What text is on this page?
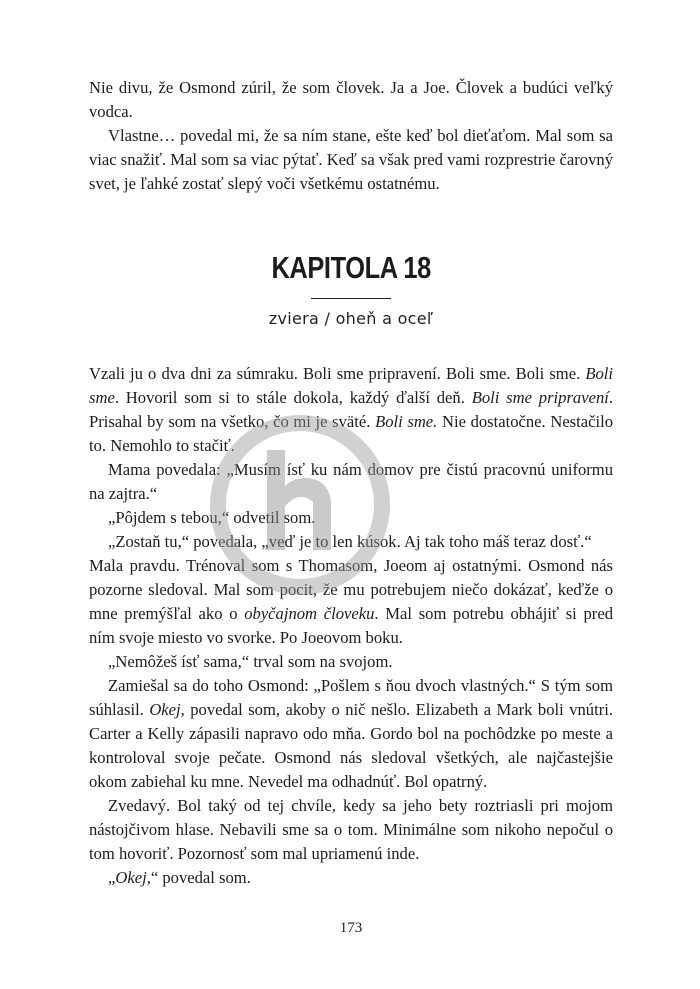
Nie divu, že Osmond zúril, že som človek. Ja a Joe. Človek a budúci veľký vodca.

Vlastne… povedal mi, že sa ním stane, ešte keď bol dieťaťom. Mal som sa viac snažiť. Mal som sa viac pýtať. Keď sa však pred vami rozprestrie čarovný svet, je ľahké zostať slepý voči všetkému ostatnému.

KAPITOLA 18
zviera / oheň a oceľ

Vzali ju o dva dni za súmraku. Boli sme pripravení. Boli sme. Boli sme. Boli sme. Hovoril som si to stále dokola, každý ďalší deň. Boli sme pripravení. Prisahal by som na všetko, čo mi je sväté. Boli sme. Nie dostatočne. Nestačilo to. Nemohlo to stačiť.

Mama povedala: „Musím ísť ku nám domov pre čistú pracovnú uniformu na zajtra.“

„Pôjdem s tebou,“ odvetil som.

„Zostaň tu,“ povedala, „veď je to len kúsok. Aj tak toho máš teraz dosť.“

Mala pravdu. Trénoval som s Thomasom, Joeom aj ostatnými. Osmond nás pozorne sledoval. Mal som pocit, že mu potrebujem niečo dokázať, keďže o mne premýšľal ako o obyčajnom človeku. Mal som potrebu obhájiť si pred ním svoje miesto vo svorke. Po Joeovom boku.

„Nemôžeš ísť sama,“ trval som na svojom.

Zamiešal sa do toho Osmond: „Pošlem s ňou dvoch vlastných.“ S tým som súhlasil. Okej, povedal som, akoby o nič nešlo. Elizabeth a Mark boli vnútri. Carter a Kelly zápasili napravo odo mňa. Gordo bol na pochôdzke po meste a kontroloval svoje pečate. Osmond nás sledoval všetkých, ale najčastejšie okom zabiehal ku mne. Nevedel ma odhadnúť. Bol opatrný.

Zvedavý. Bol taký od tej chvíle, kedy sa jeho bety roztriasli pri mojom nástojčivom hlase. Nebavili sme sa o tom. Minimálne som nikoho nepočul o tom hovoriť. Pozornosť som mal upriamenú inde.

„Okej,“ povedal som.

173
